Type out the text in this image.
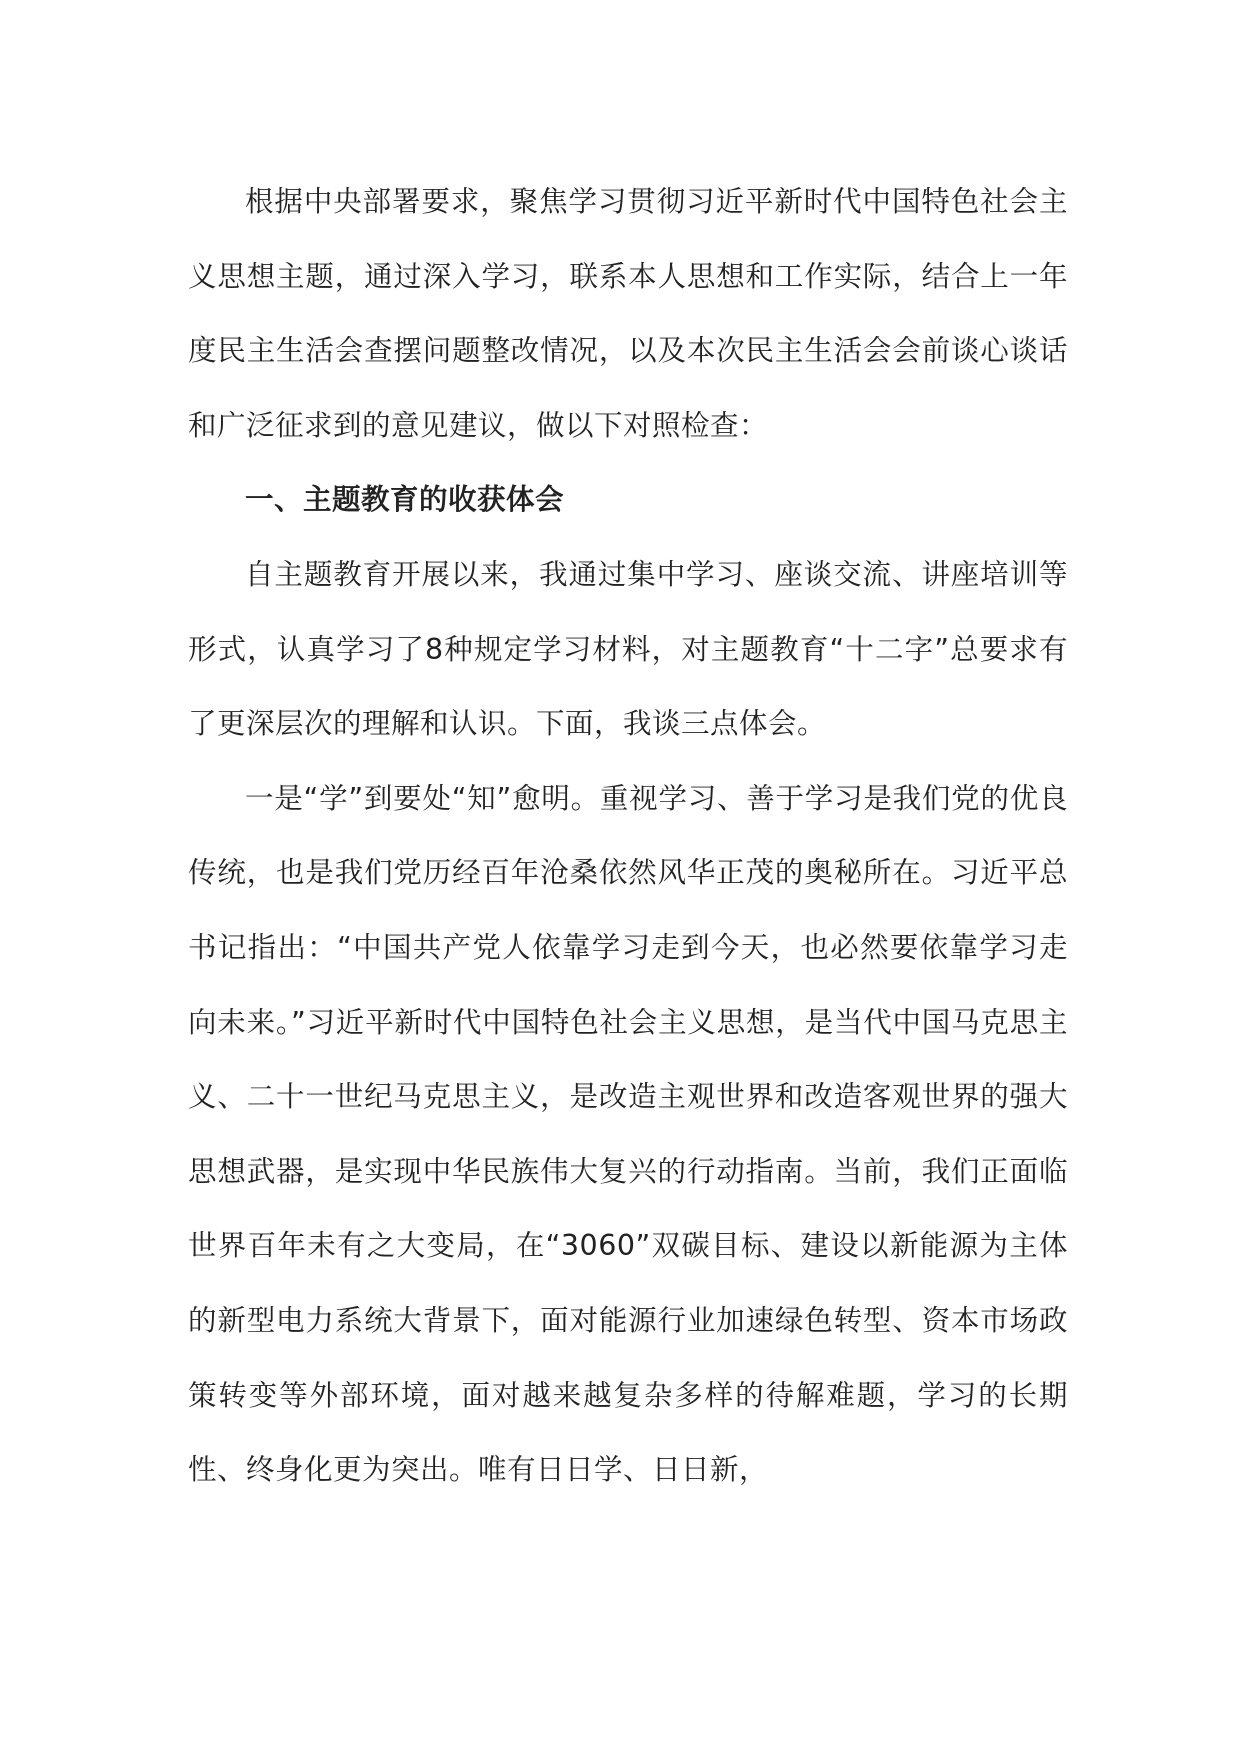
根据中央部署要求，聚焦学习贯彻习近平新时代中国特色社会主义思想主题，通过深入学习，联系本人思想和工作实际，结合上一年度民主生活会查摆问题整改情况，以及本次民主生活会会前谈心谈话和广泛征求到的意见建议，做以下对照检查：

一、主题教育的收获体会

自主题教育开展以来，我通过集中学习、座谈交流、讲座培训等形式，认真学习了8种规定学习材料，对主题教育“十二字”总要求有了更深层次的理解和认识。下面，我谈三点体会。

一是“学”到要处“知”愈明。重视学习、善于学习是我们党的优良传统，也是我们党历经百年沧桑依然风华正茂的奥秘所在。习近平总书记指出：“中国共产党人依靠学习走到今天，也必然要依靠学习走向未来。”习近平新时代中国特色社会主义思想，是当代中国马克思主义、二十一世纪马克思主义，是改造主观世界和改造客观世界的强大思想武器，是实现中华民族伟大复兴的行动指南。当前，我们正面临世界百年未有之大变局，在“3060”双碳目标、建设以新能源为主体的新型电力系统大背景下，面对能源行业加速绿色转型、资本市场政策转变等外部环境，面对越来越复杂多样的待解难题，学习的长期性、终身化更为突出。唯有日日学、日日新，
